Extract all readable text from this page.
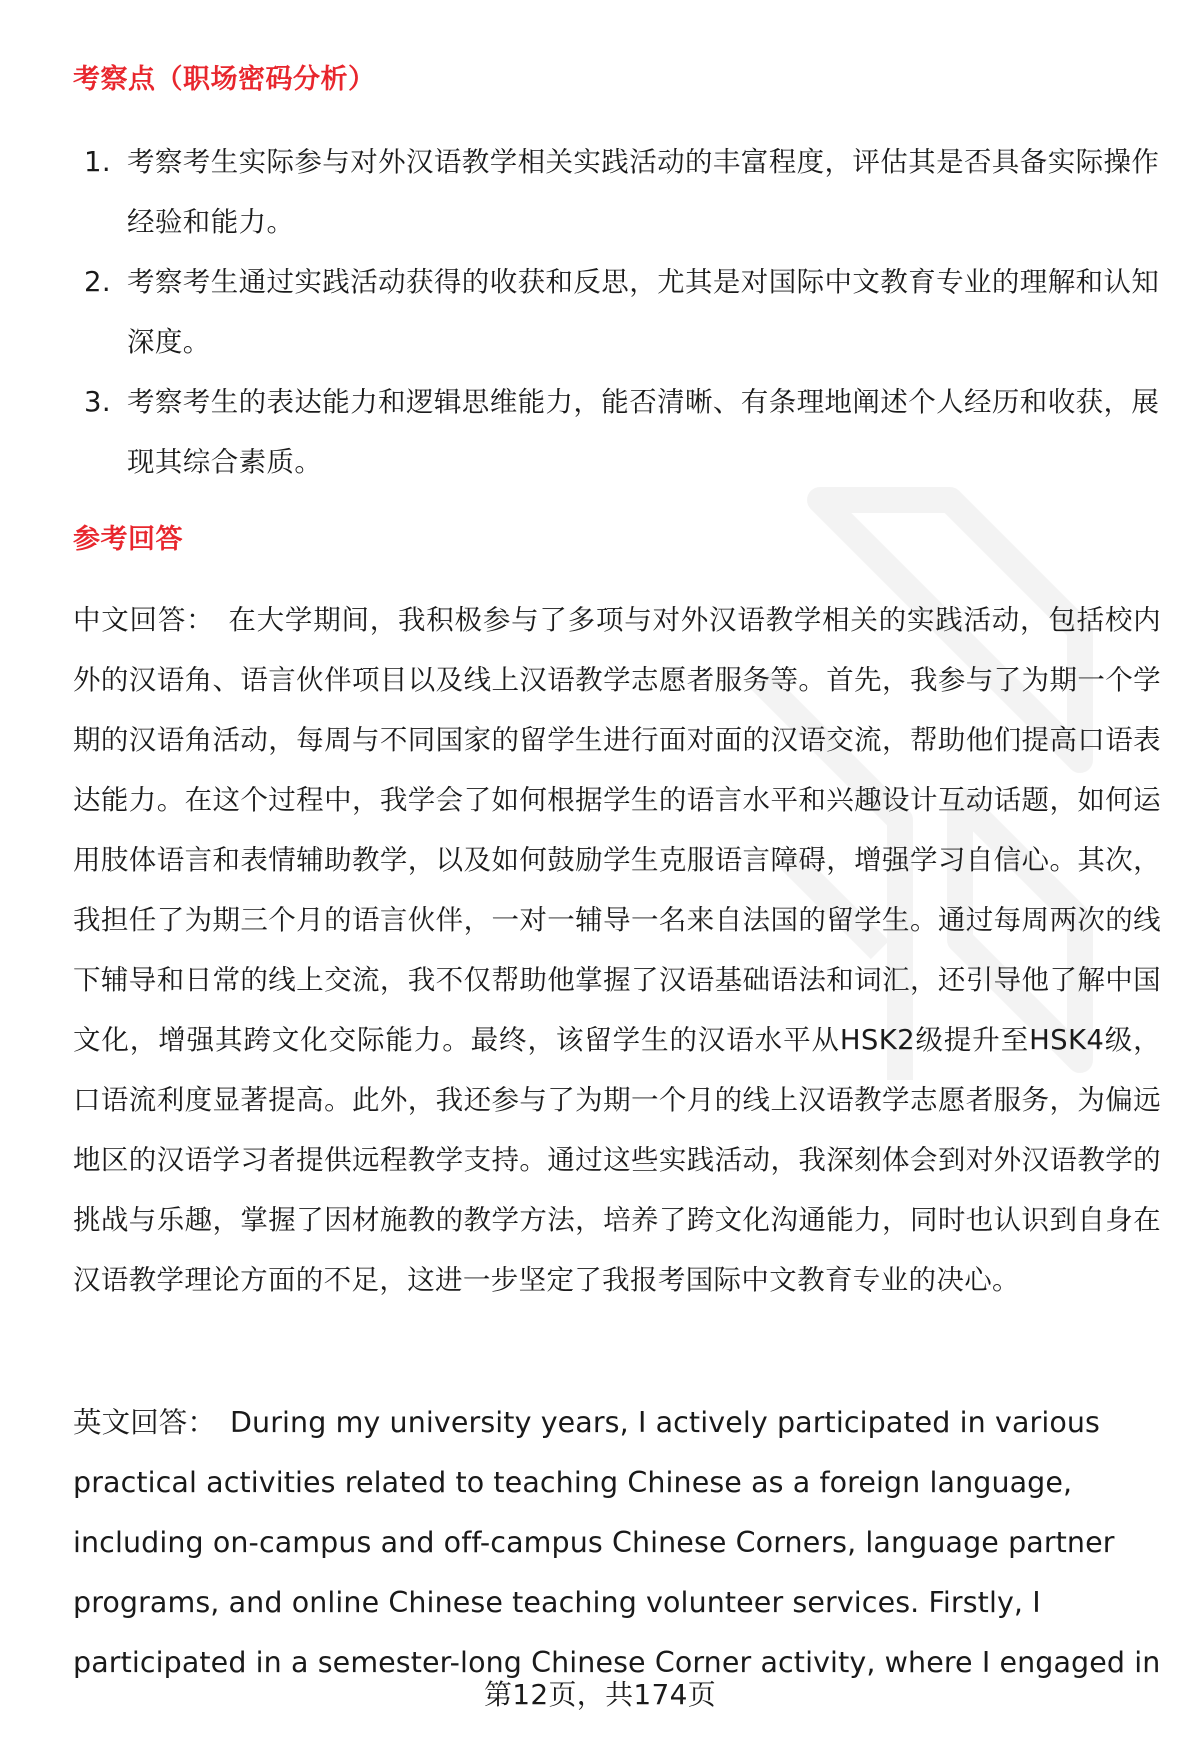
考察点（职场密码分析）
1. 考察考生实际参与对外汉语教学相关实践活动的丰富程度，评估其是否具备实际操作经验和能力。
2. 考察考生通过实践活动获得的收获和反思，尤其是对国际中文教育专业的理解和认知深度。
3. 考察考生的表达能力和逻辑思维能力，能否清晰、有条理地阐述个人经历和收获，展现其综合素质。
参考回答

中文回答： 在大学期间，我积极参与了多项与对外汉语教学相关的实践活动，包括校内外的汉语角、语言伙伴项目以及线上汉语教学志愿者服务等。首先，我参与了为期一个学期的汉语角活动，每周与不同国家的留学生进行面对面的汉语交流，帮助他们提高口语表达能力。在这个过程中，我学会了如何根据学生的语言水平和兴趣设计互动话题，如何运用肢体语言和表情辅助教学，以及如何鼓励学生克服语言障碍，增强学习自信心。其次，我担任了为期三个月的语言伙伴，一对一辅导一名来自法国的留学生。通过每周两次的线下辅导和日常的线上交流，我不仅帮助他掌握了汉语基础语法和词汇，还引导他了解中国文化，增强其跨文化交际能力。最终，该留学生的汉语水平从HSK2级提升至HSK4级，口语流利度显著提高。此外，我还参与了为期一个月的线上汉语教学志愿者服务，为偏远地区的汉语学习者提供远程教学支持。通过这些实践活动，我深刻体会到对外汉语教学的挑战与乐趣，掌握了因材施教的教学方法，培养了跨文化沟通能力，同时也认识到自身在汉语教学理论方面的不足，这进一步坚定了我报考国际中文教育专业的决心。

英文回答： During my university years, I actively participated in various practical activities related to teaching Chinese as a foreign language, including on-campus and off-campus Chinese Corners, language partner programs, and online Chinese teaching volunteer services. Firstly, I participated in a semester-long Chinese Corner activity, where I engaged in

第12页，共174页
